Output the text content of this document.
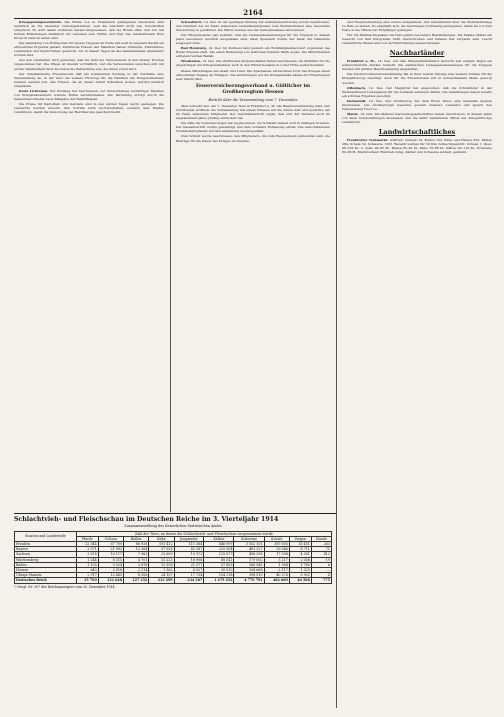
2164

Kriegsgefangenenbriefe. Die Briefe von in Frankreich gefangenen Deutschen sind mehrfach an die Absender zurückgekommen, weil die Anschrift nicht den Vorschriften entsprach. Es wird daher nochmals darauf hingewiesen, daß die Briefe offen und nur mit kurzen Mitteilungen familiärer Art versehen sein dürfen und über das Internationale Rote Kreuz in Genf zu leiten sind.

Die Sammlung von Wollsachen für unsere Truppen im Felde hat auch in unserem Bezirk ein erfreuliches Ergebnis gehabt. Zahlreiche Frauen und Mädchen haben Strümpfe, Pulswärmer, Leibbinden und Kopfschützer gestrickt, die in diesen Tagen an die Sammelstellen abgeliefert worden sind.

Aus den Lazaretten wird gemeldet, daß die Zahl der Verwundeten in den letzten Wochen zugenommen hat. Die Pflege ist überall vortrefflich, und die Verwundeten sprechen sich mit großer Dankbarkeit über die liebevolle Behandlung aus, die ihnen zuteil wird.

Der Vaterländische Frauenverein hält am kommenden Sonntag in der Turnhalle eine Versammlung ab, in der über die weitere Fürsorge für die Familien der Kriegsteilnehmer beraten werden soll. Alle Frauen, die an dieser Arbeit mitwirken wollen, werden herzlich eingeladen.

Kreis Lichtenau. Der Kreistag hat beschlossen, zur Unterstützung bedürftiger Familien von Kriegsteilnehmern weitere Mittel bereitzustellen. Die Verteilung erfolgt durch die Gemeindevorsteher nach Maßgabe der Bedürftigkeit.

Die Preise für Kartoffeln und Getreide sind in den letzten Tagen leicht gestiegen. Die Landwirte werden ersucht, ihre Vorräte nicht zurückzuhalten, sondern dem Markte zuzuführen, damit die Versorgung der Bevölkerung gesichert bleibt.

Schwalbach, 14. Dez. In der gestrigen Sitzung der Gemeindevertretung wurde beschlossen, den Familien der im Felde stehenden Gemeindemitglieder zum Weihnachtsfest eine besondere Zuwendung zu gewähren. Die Mittel werden aus der Gemeindekasse entnommen.

Der Bürgermeister gab bekannt, daß die Liebesgabensendungen für die Truppen in diesem Jahre besonders reichlich ausgefallen sind. Allen Spendern wurde der Dank der Gemeinde ausgesprochen.

Bad Homburg, 14. Dez. Im Kurhaus fand gestern ein Wohltätigkeitskonzert zugunsten des Roten Kreuzes statt, das einen Reinertrag von mehreren hundert Mark ergab. Die Mitwirkenden ernteten reichen Beifall.

Wiesbaden, 14. Dez. Die städtischen Körperschaften haben beschlossen, die Beihilfen für die Angehörigen der Kriegsteilnehmer auch in den Wintermonaten in voller Höhe weiterzuzahlen.

Kleine Mitteilungen aus Stadt und Land. Die Sparkassen verzeichnen trotz des Krieges einen erfreulichen Zugang an Einlagen. Die Zeichnungen auf die Kriegsanleihe haben die Erwartungen weit übertroffen.

Feuerversicherungsverband u. Gültlicher im Großherzogtum Hessen
Bericht über die Versammlung vom 7. Dezember

Man schreibt uns: Am 7. Dezember fand in Frankfurt a. M. die Hauptversammlung statt. Der Vorsitzende eröffnete die Versammlung mit einem Hinweis auf die ernste Zeit und gedachte der im Felde stehenden Mitglieder. Der Geschäftsbericht ergab, daß sich der Verband auch im abgelaufenen Jahre günstig entwickelt hat.

Die Zahl der Versicherungen hat zugenommen, die Schäden hielten sich in mäßigen Grenzen. Der Kassenbericht wurde genehmigt und dem Vorstand Entlastung erteilt. Die ausscheidenden Vorstandsmitglieder wurden einstimmig wiedergewählt.

Zum Schluß wurde beschlossen, den Mitgliedern, die zum Heeresdienst einberufen sind, die Beiträge für die Dauer des Krieges zu stunden.

und Hauptverwaltung eine solche Gelegenheit, den betreffenden über die Weihnachtstage zu Rate zu ziehen. Es empfiehlt sich, die Sendungen rechtzeitig aufzugeben, damit sie vor dem Feste in die Hände der Empfänger gelangen.

Für die Weihnachtspakete ins Feld gelten besondere Bestimmungen. Die Pakete dürfen ein Gewicht von fünf Kilogramm nicht überschreiten und müssen fest verpackt sein. Leicht verderbliche Waren sind von der Beförderung ausgeschlossen.

Nachbarländer

Frankfurt a. M., 14. Dez. Auf dem Hauptgüterbahnhof herrscht seit einigen Tagen ein außerordentlich starker Verkehr. Die zahlreichen Liebesgabensendungen für die Truppen werden mit größter Beschleunigung abgefertigt.

Die Stadtverordnetenversammlung hat in ihrer letzten Sitzung eine weitere Summe für die Kriegsfürsorge bewilligt. Auch für die Erwerbslosen soll in ausreichendem Maße gesorgt werden.

Offenbach, 14. Dez. Der Magistrat hat angeordnet, daß die Schulkinder in der Weihnachtszeit Liebesgaben für die Soldaten sammeln dürfen. Die Sammlungen haben bereits ein schönes Ergebnis gezeitigt.

Darmstadt, 14. Dez. Der Großherzog hat dem Roten Kreuz eine namhafte Spende überwiesen. Die Großherzogin besuchte gestern mehrere Lazarette und sprach den Verwundeten Trost zu.

Mainz, 14. Dez. Die Mainzer Karnevalsgesellschaften haben beschlossen, in diesem Jahre von allen Veranstaltungen abzusehen und die dafür bestimmten Mittel der Kriegsfürsorge zuzuführen.

Landwirtschaftliches

Frankfurter Viehmarkt. Auftrieb: Ochsen 74, Bullen 102, Kühe und Färsen 620, Kälber 384, Schafe 52, Schweine 1203. Bezahlt wurden für 50 Kilo Schlachtgewicht: Ochsen 1. Qual. 98–102 M., 2. Qual. 90–95 M., Bullen 85–92 M., Kühe 70–88 M., Kälber 95–110 M., Schweine 80–86 M. Marktverlauf: Rindvieh ruhig, Kälber und Schweine lebhaft, geräumt.

Schlachtvieh- und Fleischschau im Deutschen Reiche im 3. Vierteljahr 1914
Zusammenstellung des Kaiserlichen Statistischen Amtes
Staaten und Landesteile	Zahl der Tiere, an denen die Schlachtvieh- und Fleischschau vorgenommen wurde									
	Pferde	Ochsen	Bullen	Kühe	Jungrinder	Kälber	Schweine	Schafe	Ziegen	Hunde
Preußen	22 344	67 709	86 928	191 412	111 364	846 997	3 052 101	387 605	16 451	263
Bayern	3 571	21 082	13 364	37 028	43 187	225 304	461 227	29 046	8 711	71
Sachsen	3 876	10 117	7 963	25 609	13 972	125 877	406 338	17 904	4 301	412
Württemberg	1 244	8 315	4 701	15 223	18 906	88 541	179 002	3 217	2 036	19
Baden	1 105	9 024	3 876	12 558	21 377	57 803	168 945	1 904	1 780	6
Hessen	643	2 918	2 114	7 362	8 027	30 512	104 668	2 117	1 325	—
Übrige Staaten	2 917	12 483	8 306	24 107	17 734	104 218	398 510	40 276	5 902	4
Deutsches Reich	35 700	131 648	127 252	313 299	234 567	1 479 252	4 770 791	482 069	40 506	775
¹) Vergl. Nr. 307 des Reichsanzeigers vom 30. Dezember 1914.
